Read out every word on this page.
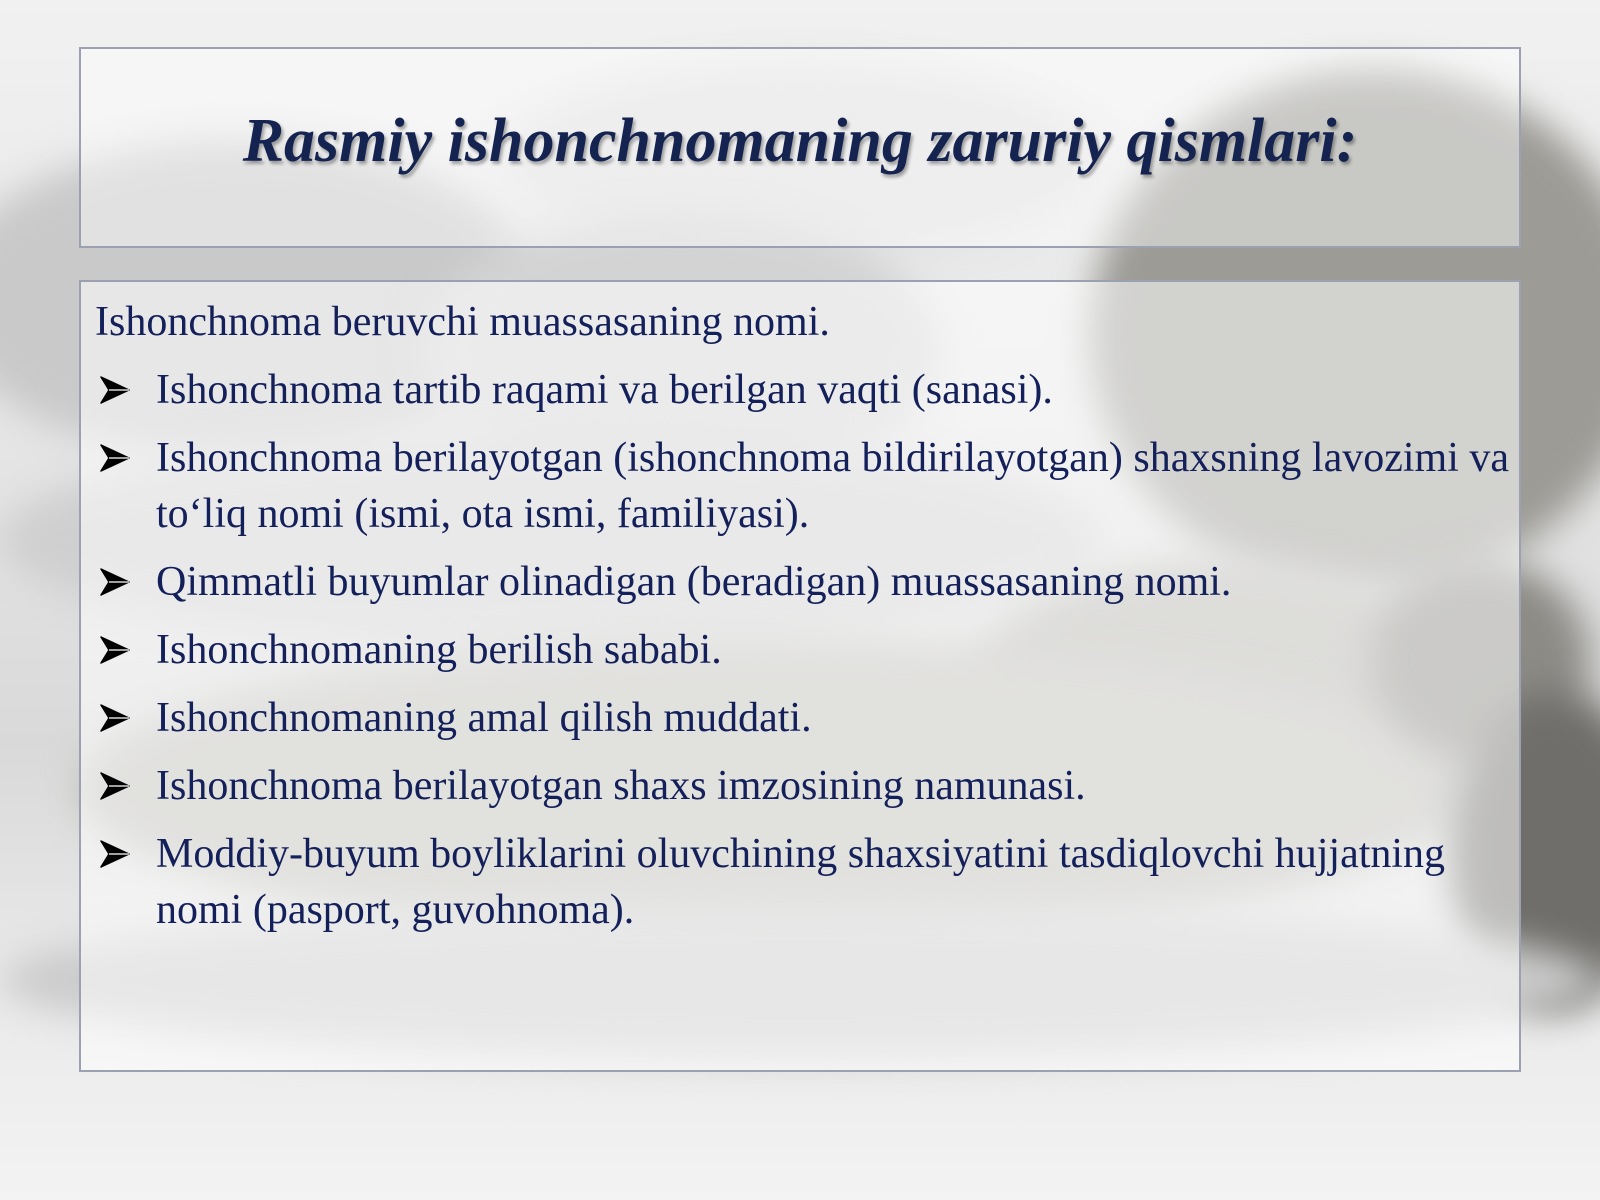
Rasmiy ishonchnomaning zaruriy qismlari:

Ishonchnoma beruvchi muassasaning nomi.

Ishonchnoma tartib raqami va berilgan vaqti (sanasi).
Ishonchnoma berilayotgan (ishonchnoma bildirilayotgan) shaxsning lavozimi va to‘liq nomi (ismi, ota ismi, familiyasi).
Qimmatli buyumlar olinadigan (beradigan) muassasaning nomi.
Ishonchnomaning berilish sababi.
Ishonchnomaning amal qilish muddati.
Ishonchnoma berilayotgan shaxs imzosining namunasi.
Moddiy-buyum boyliklarini oluvchining shaxsiyatini tasdiqlovchi hujjatning nomi (pasport, guvohnoma).
